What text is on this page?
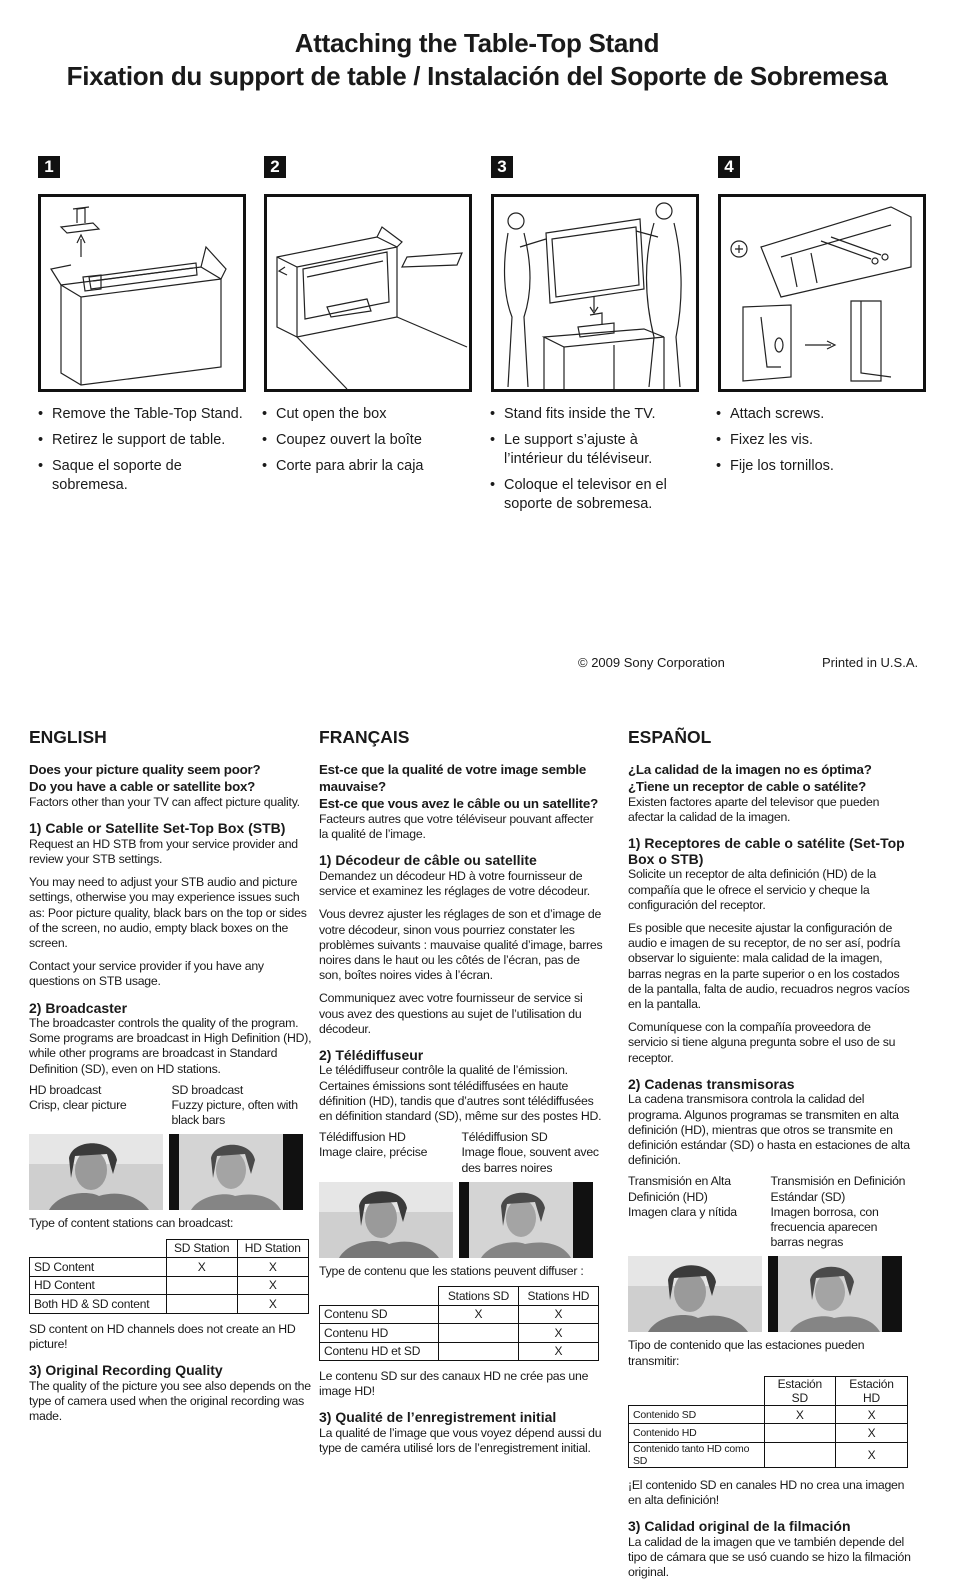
Attaching the Table-Top Stand
Fixation du support de table / Instalación del Soporte de Sobremesa
1	2	3	4
• Remove the Table-Top Stand.
• Retirez le support de table.
• Saque el soporte de sobremesa.
• Cut open the box
• Coupez ouvert la boîte
• Corte para abrir la caja
• Stand fits inside the TV.
• Le support s’ajuste à l’intérieur du téléviseur.
• Coloque el televisor en el soporte de sobremesa.
• Attach screws.
• Fixez les vis.
• Fije los tornillos.
© 2009 Sony Corporation	Printed in U.S.A.
ENGLISH
Does your picture quality seem poor?
Do you have a cable or satellite box?

Factors other than your TV can affect picture quality.

1) Cable or Satellite Set-Top Box (STB)

Request an HD STB from your service provider and review your STB settings.

You may need to adjust your STB audio and picture settings, otherwise you may experience issues such as: Poor picture quality, black bars on the top or sides of the screen, no audio, empty black boxes on the screen.

Contact your service provider if you have any questions on STB usage.

2) Broadcaster

The broadcaster controls the quality of the program. Some programs are broadcast in High Definition (HD), while other programs are broadcast in Standard Definition (SD), even on HD stations.

HD broadcast
Crisp, clear picture
SD broadcast
Fuzzy picture, often with black bars

Type of content stations can broadcast:

	SD Station	HD Station
SD Content	X	X
HD Content		X
Both HD & SD content		X

SD content on HD channels does not create an HD picture!

3) Original Recording Quality

The quality of the picture you see also depends on the type of camera used when the original recording was made.

FRANÇAIS
Est-ce que la qualité de votre image semble mauvaise?
Est-ce que vous avez le câble ou un satellite?

Facteurs autres que votre téléviseur pouvant affecter la qualité de l’image.

1) Décodeur de câble ou satellite

Demandez un décodeur HD à votre fournisseur de service et examinez les réglages de votre décodeur.

Vous devrez ajuster les réglages de son et d’image de votre décodeur, sinon vous pourriez constater les problèmes suivants : mauvaise qualité d’image, barres noires dans le haut ou les côtés de l’écran, pas de son, boîtes noires vides à l’écran.

Communiquez avec votre fournisseur de service si vous avez des questions au sujet de l’utilisation du décodeur.

2) Télédiffuseur

Le télédiffuseur contrôle la qualité de l’émission. Certaines émissions sont télédiffusées en haute définition (HD), tandis que d’autres sont télédiffusées en définition standard (SD), même sur des postes HD.

Télédiffusion HD
Image claire, précise
Télédiffusion SD
Image floue, souvent avec des barres noires

Type de contenu que les stations peuvent diffuser :

	Stations SD	Stations HD
Contenu SD	X	X
Contenu HD		X
Contenu HD et SD		X

Le contenu SD sur des canaux HD ne crée pas une image HD!

3) Qualité de l’enregistrement initial

La qualité de l’image que vous voyez dépend aussi du type de caméra utilisé lors de l’enregistrement initial.

ESPAÑOL
¿La calidad de la imagen no es óptima?
¿Tiene un receptor de cable o satélite?

Existen factores aparte del televisor que pueden afectar la calidad de la imagen.

1) Receptores de cable o satélite (Set-Top Box o STB)

Solicite un receptor de alta definición (HD) de la compañía que le ofrece el servicio y cheque la configuración del receptor.

Es posible que necesite ajustar la configuración de audio e imagen de su receptor, de no ser así, podría observar lo siguiente: mala calidad de la imagen, barras negras en la parte superior o en los costados de la pantalla, falta de audio, recuadros negros vacíos en la pantalla.

Comuníquese con la compañía proveedora de servicio si tiene alguna pregunta sobre el uso de su receptor.

2) Cadenas transmisoras

La cadena transmisora controla la calidad del programa. Algunos programas se transmiten en alta definición (HD), mientras que otros se transmite en definición estándar (SD) o hasta en estaciones de alta definición.

Transmisión en Alta Definición (HD)
Imagen clara y nítida
Transmisión en Definición Estándar (SD)
Imagen borrosa, con frecuencia aparecen barras negras

Tipo de contenido que las estaciones pueden transmitir:

	Estación SD	Estación HD
Contenido SD	X	X
Contenido HD		X
Contenido tanto HD como SD		X

¡El contenido SD en canales HD no crea una imagen en alta definición!

3) Calidad original de la filmación

La calidad de la imagen que ve también depende del tipo de cámara que se usó cuando se hizo la filmación original.
